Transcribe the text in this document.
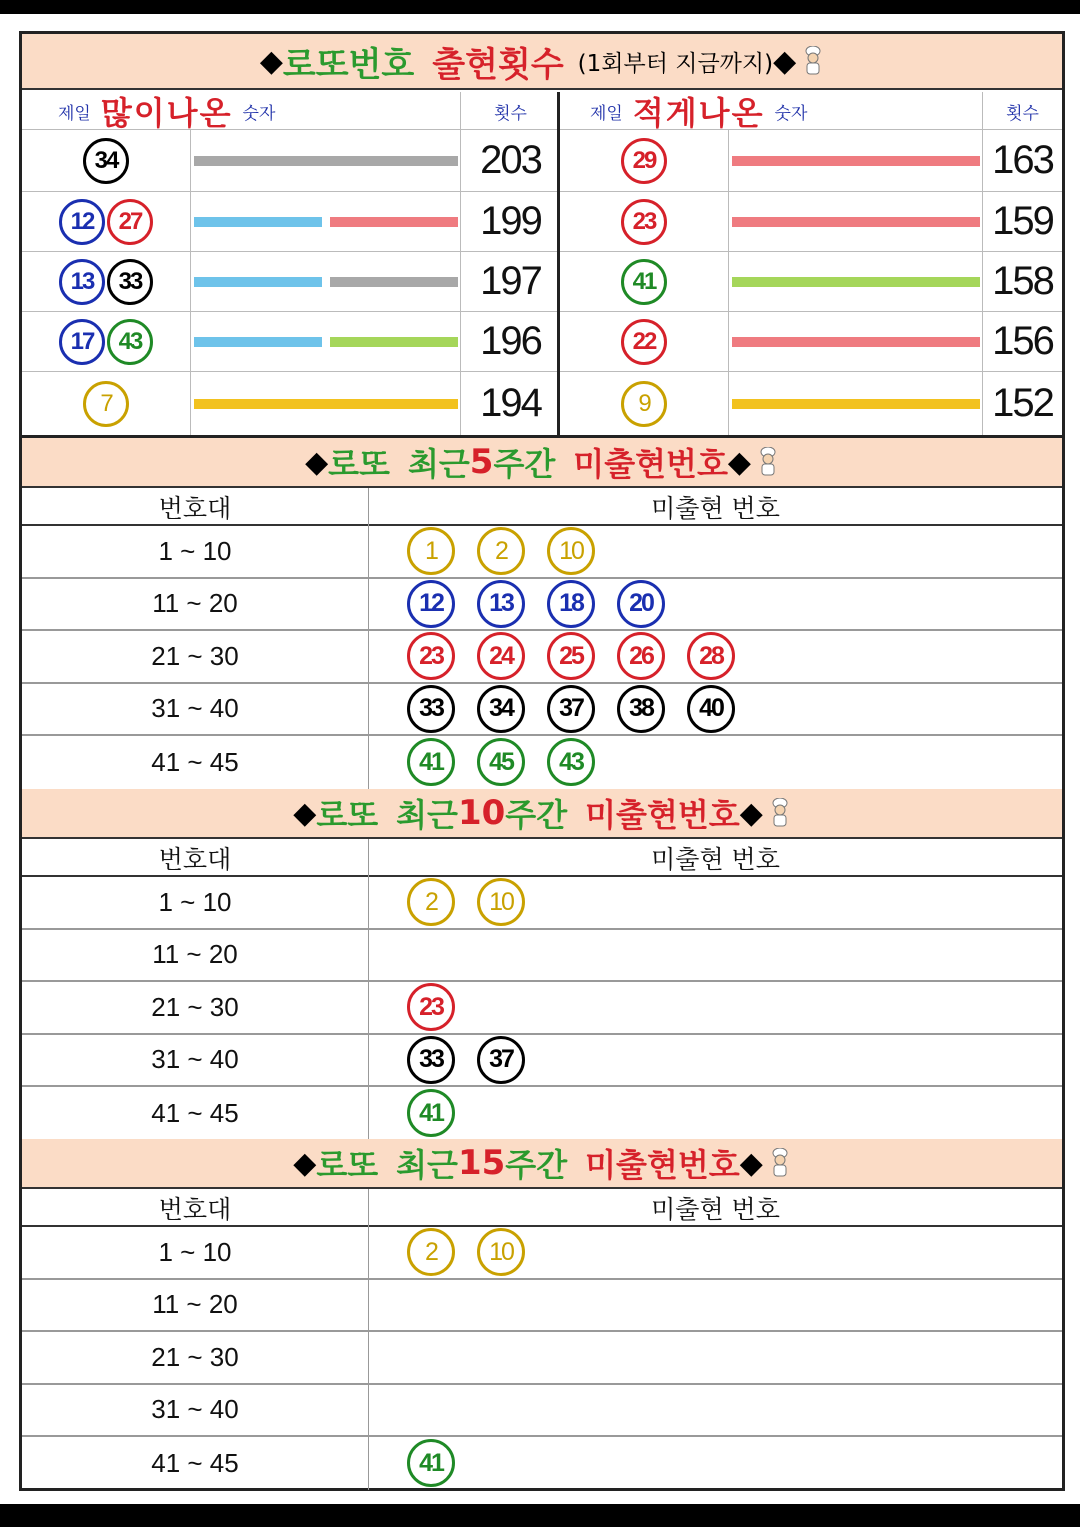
◆ 로또번호 출현횟수 (1회부터 지금까지) ◆
제일 많이나온 숫자	횟수
34	203
12	27	199
13	33	197
17	43	196
7	194
제일 적게나온 숫자	횟수
29	163
23	159
41	158
22	156
9	152
◆ 로또 최근 5 주간 미출현번호 ◆
번호대	미출현 번호
1 ~ 10	1	2	10
11 ~ 20	12	13	18	20
21 ~ 30	23	24	25	26	28
31 ~ 40	33	34	37	38	40
41 ~ 45	41	45	43
◆ 로또 최근 10 주간 미출현번호 ◆
번호대	미출현 번호
1 ~ 10	2	10
11 ~ 20
21 ~ 30	23
31 ~ 40	33	37
41 ~ 45	41
◆ 로또 최근 15 주간 미출현번호 ◆
번호대	미출현 번호
1 ~ 10	2	10
11 ~ 20
21 ~ 30
31 ~ 40
41 ~ 45	41
